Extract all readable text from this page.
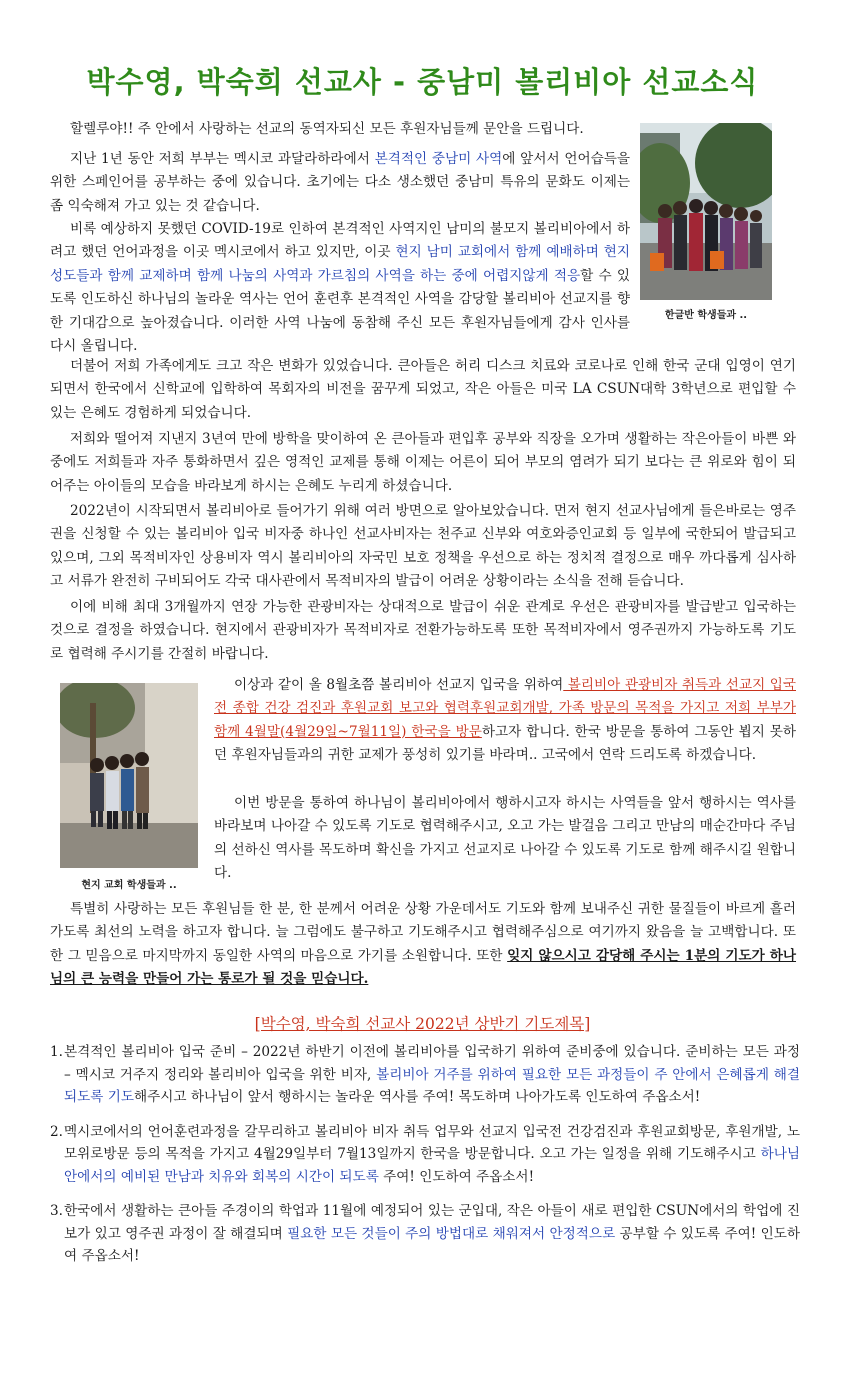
박수영, 박숙희 선교사 - 중남미 볼리비아 선교소식

한글반 학생들과 ..

할렐루야!! 주 안에서 사랑하는 선교의 동역자되신 모든 후원자님들께 문안을 드립니다.

지난 1년 동안 저희 부부는 멕시코 과달라하라에서 본격적인 중남미 사역에 앞서서 언어습득을 위한 스페인어를 공부하는 중에 있습니다. 초기에는 다소 생소했던 중남미 특유의 문화도 이제는 좀 익숙해져 가고 있는 것 같습니다.

비록 예상하지 못했던 COVID-19로 인하여 본격적인 사역지인 남미의 불모지 볼리비아에서 하려고 했던 언어과정을 이곳 멕시코에서 하고 있지만, 이곳 현지 남미 교회에서 함께 예배하며 현지 성도들과 함께 교제하며 함께 나눔의 사역과 가르침의 사역을 하는 중에 어렵지않게 적응할 수 있도록 인도하신 하나님의 놀라운 역사는 언어 훈련후 본격적인 사역을 감당할 볼리비아 선교지를 향한 기대감으로 높아졌습니다. 이러한 사역 나눔에 동참해 주신 모든 후원자님들에게 감사 인사를 다시 올립니다.

더불어 저희 가족에게도 크고 작은 변화가 있었습니다. 큰아들은 허리 디스크 치료와 코로나로 인해 한국 군대 입영이 연기되면서 한국에서 신학교에 입학하여 목회자의 비전을 꿈꾸게 되었고, 작은 아들은 미국 LA CSUN대학 3학년으로 편입할 수 있는 은혜도 경험하게 되었습니다.

저희와 떨어져 지낸지 3년여 만에 방학을 맞이하여 온 큰아들과 편입후 공부와 직장을 오가며 생활하는 작은아들이 바쁜 와중에도 저희들과 자주 통화하면서 깊은 영적인 교제를 통해 이제는 어른이 되어 부모의 염려가 되기 보다는 큰 위로와 힘이 되어주는 아이들의 모습을 바라보게 하시는 은혜도 누리게 하셨습니다.

2022년이 시작되면서 볼리비아로 들어가기 위해 여러 방면으로 알아보았습니다. 먼저 현지 선교사님에게 들은바로는 영주권을 신청할 수 있는 볼리비아 입국 비자중 하나인 선교사비자는 천주교 신부와 여호와증인교회 등 일부에 국한되어 발급되고 있으며, 그외 목적비자인 상용비자 역시 볼리비아의 자국민 보호 정책을 우선으로 하는 정치적 결정으로 매우 까다롭게 심사하고 서류가 완전히 구비되어도 각국 대사관에서 목적비자의 발급이 어려운 상황이라는 소식을 전해 듣습니다.

이에 비해 최대 3개월까지 연장 가능한 관광비자는 상대적으로 발급이 쉬운 관계로 우선은 관광비자를 발급받고 입국하는 것으로 결정을 하였습니다. 현지에서 관광비자가 목적비자로 전환가능하도록 또한 목적비자에서 영주권까지 가능하도록 기도로 협력해 주시기를 간절히 바랍니다.

현지 교회 학생들과 ..

이상과 같이 올 8월초쯤 볼리비아 선교지 입국을 위하여 볼리비아 관광비자 취득과 선교지 입국전 종합 건강 검진과 후원교회 보고와 협력후원교회개발, 가족 방문의 목적을 가지고 저희 부부가 함께 4월말(4월29일~7월11일) 한국을 방문하고자 합니다. 한국 방문을 통하여 그동안 뵙지 못하던 후원자님들과의 귀한 교제가 풍성히 있기를 바라며.. 고국에서 연락 드리도록 하겠습니다.

이번 방문을 통하여 하나님이 볼리비아에서 행하시고자 하시는 사역들을 앞서 행하시는 역사를 바라보며 나아갈 수 있도록 기도로 협력해주시고, 오고 가는 발걸음 그리고 만남의 매순간마다 주님의 선하신 역사를 목도하며 확신을 가지고 선교지로 나아갈 수 있도록 기도로 함께 해주시길 원합니다.

특별히 사랑하는 모든 후원님들 한 분, 한 분께서 어려운 상황 가운데서도 기도와 함께 보내주신 귀한 물질들이 바르게 흘러가도록 최선의 노력을 하고자 합니다. 늘 그럼에도 불구하고 기도해주시고 협력해주심으로 여기까지 왔음을 늘 고백합니다. 또한 그 믿음으로 마지막까지 동일한 사역의 마음으로 가기를 소원합니다. 또한 잊지 않으시고 감당해 주시는 1분의 기도가 하나님의 큰 능력을 만들어 가는 통로가 될 것을 믿습니다.

[박수영, 박숙희 선교사 2022년 상반기 기도제목]

1. 본격적인 볼리비아 입국 준비 – 2022년 하반기 이전에 볼리비아를 입국하기 위하여 준비중에 있습니다. 준비하는 모든 과정 – 멕시코 거주지 정리와 볼리비아 입국을 위한 비자, 볼리비아 거주를 위하여 필요한 모든 과정들이 주 안에서 은혜롭게 해결되도록 기도해주시고 하나님이 앞서 행하시는 놀라운 역사를 주여! 목도하며 나아가도록 인도하여 주옵소서!
2. 멕시코에서의 언어훈련과정을 갈무리하고 볼리비아 비자 취득 업무와 선교지 입국전 건강검진과 후원교회방문, 후원개발, 노모위로방문 등의 목적을 가지고 4월29일부터 7월13일까지 한국을 방문합니다. 오고 가는 일정을 위해 기도해주시고 하나님 안에서의 예비된 만남과 치유와 회복의 시간이 되도록 주여! 인도하여 주옵소서!
3. 한국에서 생활하는 큰아들 주경이의 학업과 11월에 예정되어 있는 군입대, 작은 아들이 새로 편입한 CSUN에서의 학업에 진보가 있고 영주권 과정이 잘 해결되며 필요한 모든 것들이 주의 방법대로 채워져서 안정적으로 공부할 수 있도록 주여! 인도하여 주옵소서!
